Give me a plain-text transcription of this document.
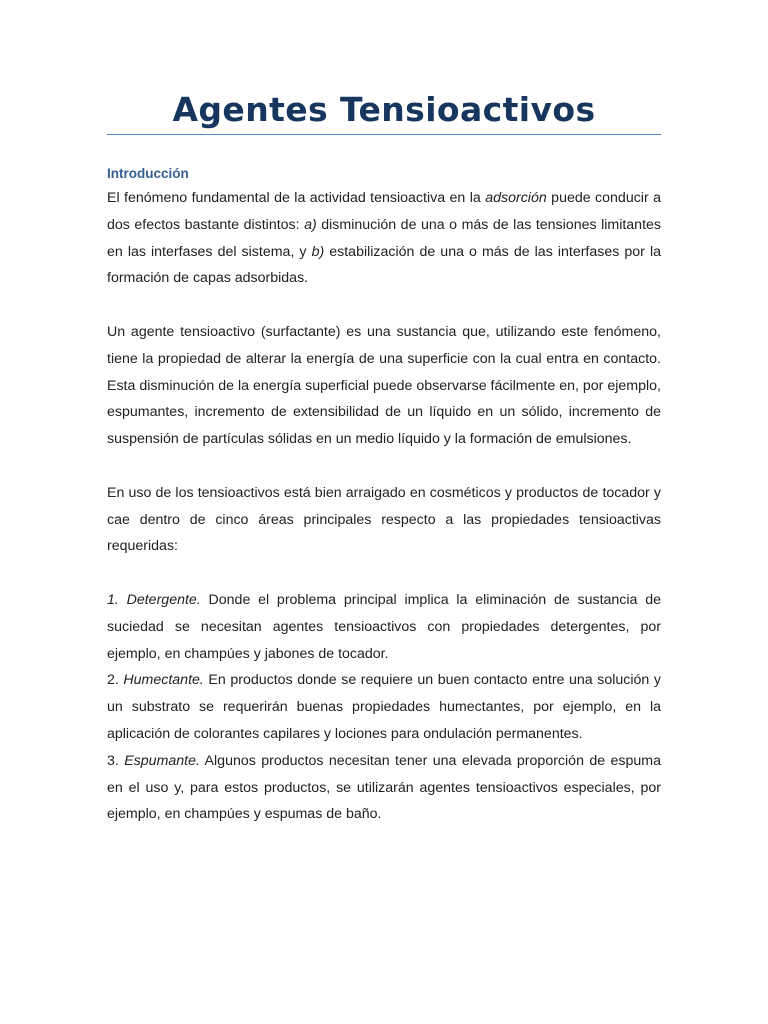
Agentes Tensioactivos
Introducción

El fenómeno fundamental de la actividad tensioactiva en la adsorción puede conducir a dos efectos bastante distintos: a) disminución de una o más de las tensiones limitantes en las interfases del sistema, y b) estabilización de una o más de las interfases por la formación de capas adsorbidas.

Un agente tensioactivo (surfactante) es una sustancia que, utilizando este fenómeno, tiene la propiedad de alterar la energía de una superficie con la cual entra en contacto. Esta disminución de la energía superficial puede observarse fácilmente en, por ejemplo, espumantes, incremento de extensibilidad de un líquido en un sólido, incremento de suspensión de partículas sólidas en un medio líquido y la formación de emulsiones.

En uso de los tensioactivos está bien arraigado en cosméticos y productos de tocador y cae dentro de cinco áreas principales respecto a las propiedades tensioactivas requeridas:

1. Detergente. Donde el problema principal implica la eliminación de sustancia de suciedad se necesitan agentes tensioactivos con propiedades detergentes, por ejemplo, en champúes y jabones de tocador.

2. Humectante. En productos donde se requiere un buen contacto entre una solución y un substrato se requerirán buenas propiedades humectantes, por ejemplo, en la aplicación de colorantes capilares y lociones para ondulación permanentes.

3. Espumante. Algunos productos necesitan tener una elevada proporción de espuma en el uso y, para estos productos, se utilizarán agentes tensioactivos especiales, por ejemplo, en champúes y espumas de baño.
